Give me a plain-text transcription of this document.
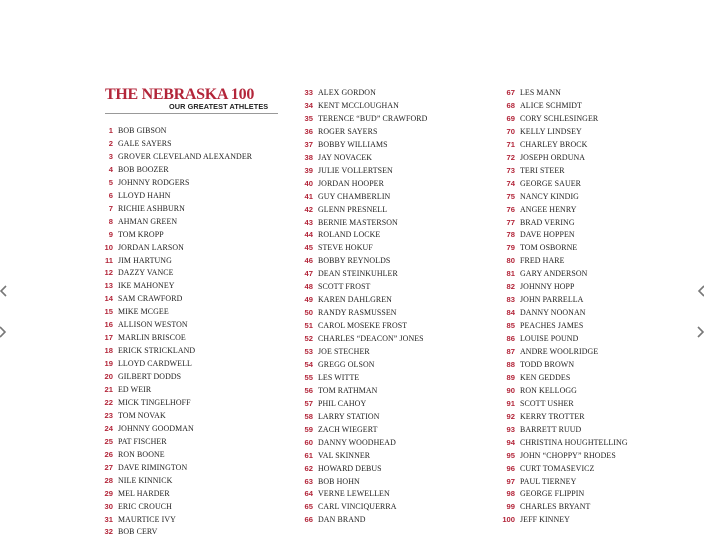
THE NEBRASKA 100
OUR GREATEST ATHLETES
1 BOB GIBSON
2 GALE SAYERS
3 GROVER CLEVELAND ALEXANDER
4 BOB BOOZER
5 JOHNNY RODGERS
6 LLOYD HAHN
7 RICHIE ASHBURN
8 AHMAN GREEN
9 TOM KROPP
10 JORDAN LARSON
11 JIM HARTUNG
12 DAZZY VANCE
13 IKE MAHONEY
14 SAM CRAWFORD
15 MIKE MCGEE
16 ALLISON WESTON
17 MARLIN BRISCOE
18 ERICK STRICKLAND
19 LLOYD CARDWELL
20 GILBERT DODDS
21 ED WEIR
22 MICK TINGELHOFF
23 TOM NOVAK
24 JOHNNY GOODMAN
25 PAT FISCHER
26 RON BOONE
27 DAVE RIMINGTON
28 NILE KINNICK
29 MEL HARDER
30 ERIC CROUCH
31 MAURTICE IVY
32 BOB CERV
33 ALEX GORDON
34 KENT MCCLOUGHAN
35 TERENCE “BUD” CRAWFORD
36 ROGER SAYERS
37 BOBBY WILLIAMS
38 JAY NOVACEK
39 JULIE VOLLERTSEN
40 JORDAN HOOPER
41 GUY CHAMBERLIN
42 GLENN PRESNELL
43 BERNIE MASTERSON
44 ROLAND LOCKE
45 STEVE HOKUF
46 BOBBY REYNOLDS
47 DEAN STEINKUHLER
48 SCOTT FROST
49 KAREN DAHLGREN
50 RANDY RASMUSSEN
51 CAROL MOSEKE FROST
52 CHARLES “DEACON” JONES
53 JOE STECHER
54 GREGG OLSON
55 LES WITTE
56 TOM RATHMAN
57 PHIL CAHOY
58 LARRY STATION
59 ZACH WIEGERT
60 DANNY WOODHEAD
61 VAL SKINNER
62 HOWARD DEBUS
63 BOB HOHN
64 VERNE LEWELLEN
65 CARL VINCIQUERRA
66 DAN BRAND
67 LES MANN
68 ALICE SCHMIDT
69 CORY SCHLESINGER
70 KELLY LINDSEY
71 CHARLEY BROCK
72 JOSEPH ORDUNA
73 TERI STEER
74 GEORGE SAUER
75 NANCY KINDIG
76 ANGEE HENRY
77 BRAD VERING
78 DAVE HOPPEN
79 TOM OSBORNE
80 FRED HARE
81 GARY ANDERSON
82 JOHNNY HOPP
83 JOHN PARRELLA
84 DANNY NOONAN
85 PEACHES JAMES
86 LOUISE POUND
87 ANDRE WOOLRIDGE
88 TODD BROWN
89 KEN GEDDES
90 RON KELLOGG
91 SCOTT USHER
92 KERRY TROTTER
93 BARRETT RUUD
94 CHRISTINA HOUGHTELLING
95 JOHN “CHOPPY” RHODES
96 CURT TOMASEVICZ
97 PAUL TIERNEY
98 GEORGE FLIPPIN
99 CHARLES BRYANT
100 JEFF KINNEY
